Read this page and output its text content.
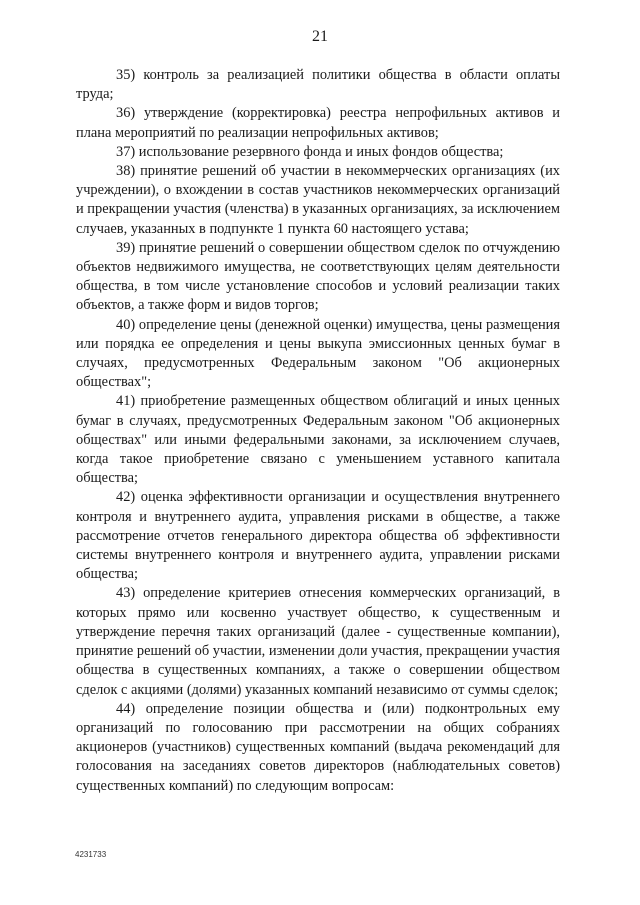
21

35) контроль за реализацией политики общества в области оплаты труда;

36) утверждение (корректировка) реестра непрофильных активов и плана мероприятий по реализации непрофильных активов;

37) использование резервного фонда и иных фондов общества;

38) принятие решений об участии в некоммерческих организациях (их учреждении), о вхождении в состав участников некоммерческих организаций и прекращении участия (членства) в указанных организациях, за исключением случаев, указанных в подпункте 1 пункта 60 настоящего устава;

39) принятие решений о совершении обществом сделок по отчуждению объектов недвижимого имущества, не соответствующих целям деятельности общества, в том числе установление способов и условий реализации таких объектов, а также форм и видов торгов;

40) определение цены (денежной оценки) имущества, цены размещения или порядка ее определения и цены выкупа эмиссионных ценных бумаг в случаях, предусмотренных Федеральным законом "Об акционерных обществах";

41) приобретение размещенных обществом облигаций и иных ценных бумаг в случаях, предусмотренных Федеральным законом "Об акционерных обществах" или иными федеральными законами, за исключением случаев, когда такое приобретение связано с уменьшением уставного капитала общества;

42) оценка эффективности организации и осуществления внутреннего контроля и внутреннего аудита, управления рисками в обществе, а также рассмотрение отчетов генерального директора общества об эффективности системы внутреннего контроля и внутреннего аудита, управлении рисками общества;

43) определение критериев отнесения коммерческих организаций, в которых прямо или косвенно участвует общество, к существенным и утверждение перечня таких организаций (далее - существенные компании), принятие решений об участии, изменении доли участия, прекращении участия общества в существенных компаниях, а также о совершении обществом сделок с акциями (долями) указанных компаний независимо от суммы сделок;

44) определение позиции общества и (или) подконтрольных ему организаций по голосованию при рассмотрении на общих собраниях акционеров (участников) существенных компаний (выдача рекомендаций для голосования на заседаниях советов директоров (наблюдательных советов) существенных компаний) по следующим вопросам:

4231733
